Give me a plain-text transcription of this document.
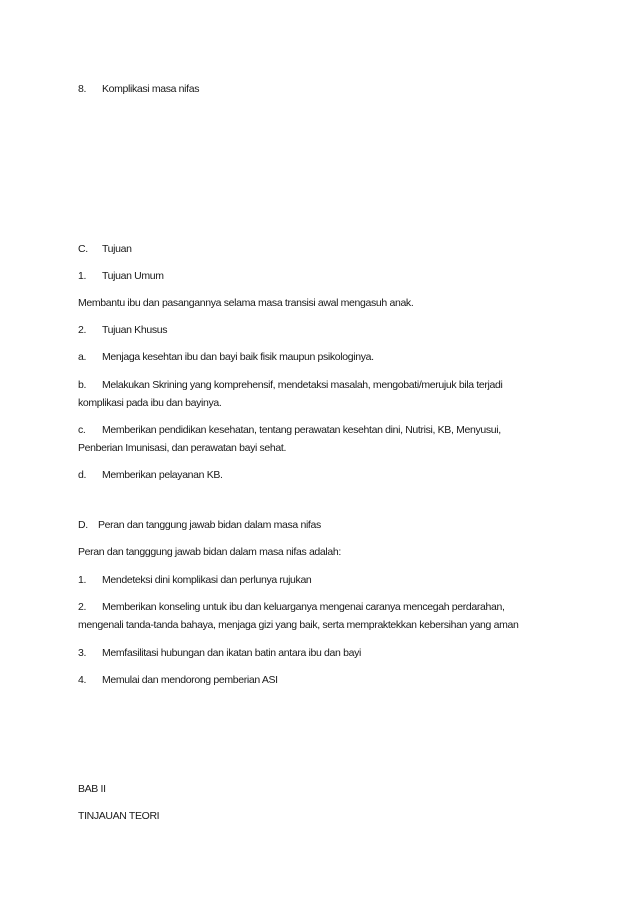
8. Komplikasi masa nifas
C. Tujuan
1. Tujuan Umum
Membantu ibu dan pasangannya selama masa transisi awal mengasuh anak.
2. Tujuan Khusus
a. Menjaga kesehtan ibu dan bayi baik fisik maupun psikologinya.
b. Melakukan Skrining yang komprehensif, mendetaksi masalah, mengobati/merujuk bila terjadi
komplikasi pada ibu dan bayinya.
c. Memberikan pendidikan kesehatan, tentang perawatan kesehtan dini, Nutrisi, KB, Menyusui,
Penberian Imunisasi, dan perawatan bayi sehat.
d. Memberikan pelayanan KB.
D. Peran dan tanggung jawab bidan dalam masa nifas
Peran dan tangggung jawab bidan dalam masa nifas adalah:
1. Mendeteksi dini komplikasi dan perlunya rujukan
2. Memberikan konseling untuk ibu dan keluarganya mengenai caranya mencegah perdarahan,
mengenali tanda-tanda bahaya, menjaga gizi yang baik, serta mempraktekkan kebersihan yang aman
3. Memfasilitasi hubungan dan ikatan batin antara ibu dan bayi
4. Memulai dan mendorong pemberian ASI
BAB II
TINJAUAN TEORI
